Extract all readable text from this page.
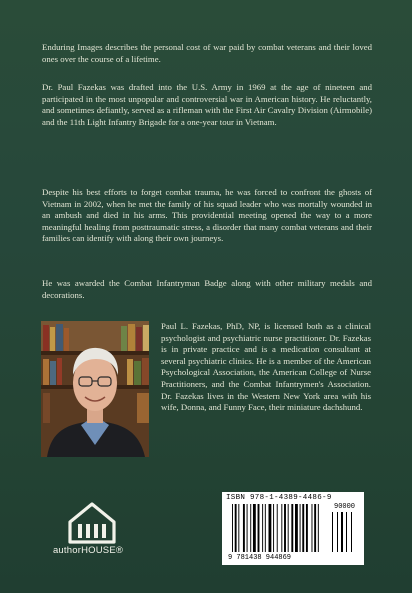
Enduring Images describes the personal cost of war paid by combat veterans and their loved ones over the course of a lifetime.

Dr. Paul Fazekas was drafted into the U.S. Army in 1969 at the age of nineteen and participated in the most unpopular and controversial war in American history. He reluctantly, and sometimes defiantly, served as a rifleman with the First Air Cavalry Division (Airmobile) and the 11th Light Infantry Brigade for a one-year tour in Vietnam.

Despite his best efforts to forget combat trauma, he was forced to confront the ghosts of Vietnam in 2002, when he met the family of his squad leader who was mortally wounded in an ambush and died in his arms. This providential meeting opened the way to a more meaningful healing from posttraumatic stress, a disorder that many combat veterans and their families can identify with along their own journeys.

He was awarded the Combat Infantryman Badge along with other military medals and decorations.

Paul L. Fazekas, PhD, NP, is licensed both as a clinical psychologist and psychiatric nurse practitioner. Dr. Fazekas is in private practice and is a medication consultant at several psychiatric clinics. He is a member of the American Psychological Association, the American College of Nurse Practitioners, and the Combat Infantrymen's Association. Dr. Fazekas lives in the Western New York area with his wife, Donna, and Funny Face, their miniature dachshund.

authorHOUSE®
ISBN 978-1-4389-4486-9
9 781438 944869
90000
